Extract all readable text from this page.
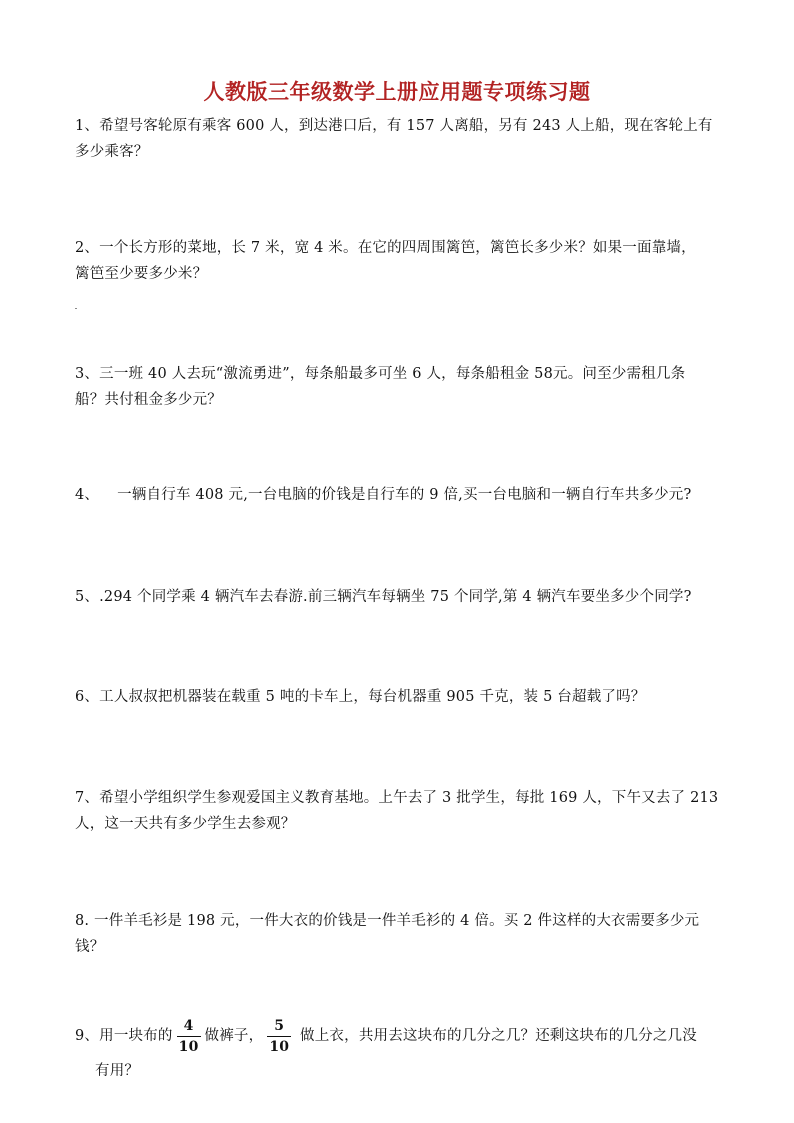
人教版三年级数学上册应用题专项练习题
1、希望号客轮原有乘客 600 人，到达港口后，有 157 人离船，另有 243 人上船，现在客轮上有
多少乘客？
2、一个长方形的菜地，长 7 米，宽 4 米。在它的四周围篱笆，篱笆长多少米？如果一面靠墙，
篱笆至少要多少米？
3、三一班 40 人去玩“激流勇进”，每条船最多可坐 6 人，每条船租金 58元。问至少需租几条
船？共付租金多少元？
4、 一辆自行车 408 元,一台电脑的价钱是自行车的 9 倍,买一台电脑和一辆自行车共多少元?
5、.294 个同学乘 4 辆汽车去春游.前三辆汽车每辆坐 75 个同学,第 4 辆汽车要坐多少个同学?
6、工人叔叔把机器装在载重 5 吨的卡车上，每台机器重 905 千克，装 5 台超载了吗？
7、希望小学组织学生参观爱国主义教育基地。上午去了 3 批学生，每批 169 人，下午又去了 213
人，这一天共有多少学生去参观？
8. 一件羊毛衫是 198 元，一件大衣的价钱是一件羊毛衫的 4 倍。买 2 件这样的大衣需要多少元
钱？
9、用一块布的 $\frac{4}{10}$ 做裤子， $\frac{5}{10}$ 做上衣，共用去这块布的几分之几？还剩这块布的几分之几没
有用？
